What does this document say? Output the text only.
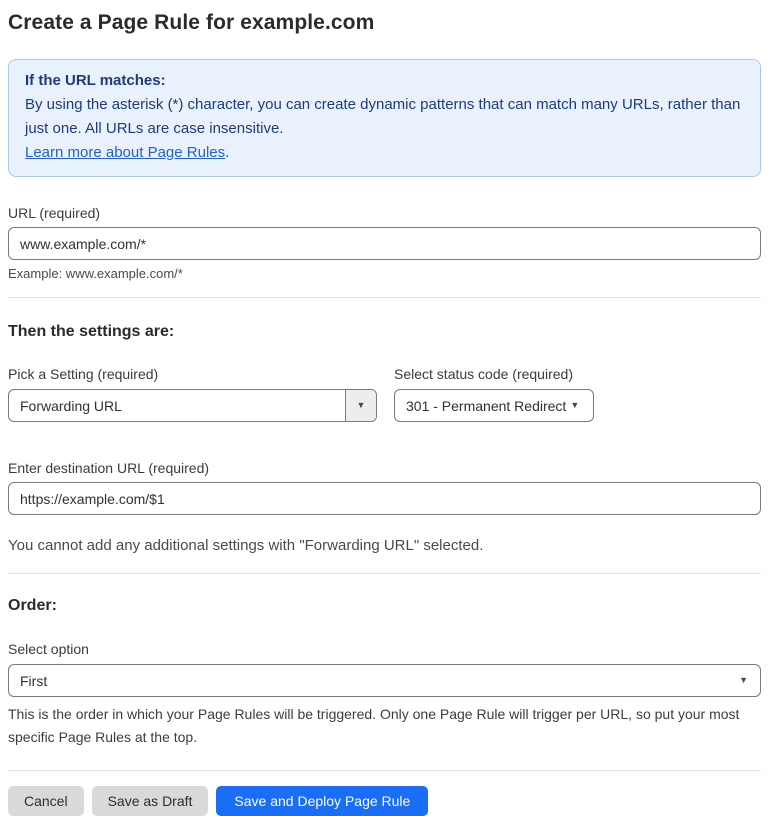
Create a Page Rule for example.com

If the URL matches:

By using the asterisk (*) character, you can create dynamic patterns that can match many URLs, rather than just one. All URLs are case insensitive.

Learn more about Page Rules.

URL (required)
www.example.com/*

Example: www.example.com/*

Then the settings are:
Pick a Setting (required)
Forwarding URL	▼
Select status code (required)
301 - Permanent Redirect ▼
Enter destination URL (required)
https://example.com/$1

You cannot add any additional settings with "Forwarding URL" selected.

Order:
Select option
First	▼

This is the order in which your Page Rules will be triggered. Only one Page Rule will trigger per URL, so put your most specific Page Rules at the top.

Cancel	Save as Draft	Save and Deploy Page Rule
